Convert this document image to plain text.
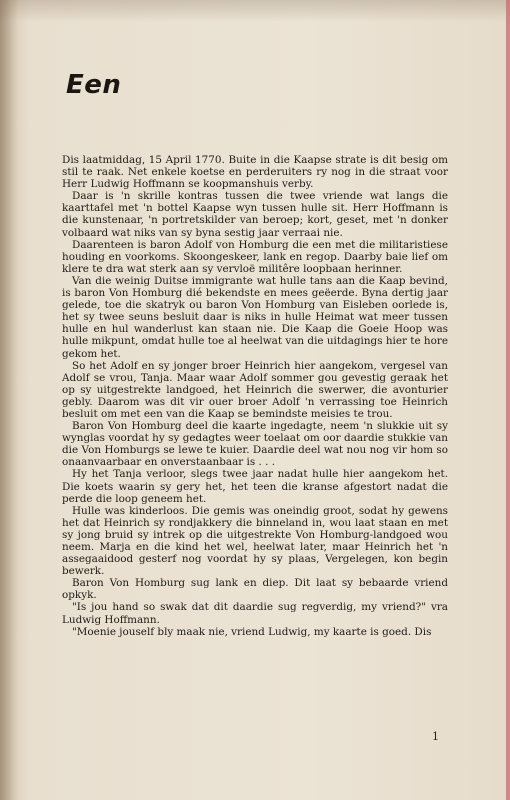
Een

Dis laatmiddag, 15 April 1770. Buite in die Kaapse strate is dit besig om stil te raak. Net enkele koetse en perderuiters ry nog in die straat voor Herr Ludwig Hoffmann se koopmanshuis verby.

Daar is 'n skrille kontras tussen die twee vriende wat langs die kaarttafel met 'n bottel Kaapse wyn tussen hulle sit. Herr Hoffmann is die kunstenaar, 'n portretskilder van beroep; kort, geset, met 'n donker volbaard wat niks van sy byna sestig jaar verraai nie.

Daarenteen is baron Adolf von Homburg die een met die militaristiese houding en voorkoms. Skoongeskeer, lank en regop. Daarby baie lief om klere te dra wat sterk aan sy vervloë militêre loopbaan herinner.

Van die weinig Duitse immigrante wat hulle tans aan die Kaap bevind, is baron Von Homburg dié bekendste en mees geëerde. Byna dertig jaar gelede, toe die skatryk ou baron Von Homburg van Eisleben oorlede is, het sy twee seuns besluit daar is niks in hulle Heimat wat meer tussen hulle en hul wanderlust kan staan nie. Die Kaap die Goeie Hoop was hulle mikpunt, omdat hulle toe al heelwat van die uitdagings hier te hore gekom het.

So het Adolf en sy jonger broer Heinrich hier aangekom, vergesel van Adolf se vrou, Tanja. Maar waar Adolf sommer gou gevestig geraak het op sy uitgestrekte landgoed, het Heinrich die swerwer, die avonturier gebly. Daarom was dit vir ouer broer Adolf 'n verrassing toe Heinrich besluit om met een van die Kaap se bemindste meisies te trou.

Baron Von Homburg deel die kaarte ingedagte, neem 'n slukkie uit sy wynglas voordat hy sy gedagtes weer toelaat om oor daardie stukkie van die Von Homburgs se lewe te kuier. Daardie deel wat nou nog vir hom so onaanvaarbaar en onverstaanbaar is . . .

Hy het Tanja verloor, slegs twee jaar nadat hulle hier aangekom het. Die koets waarin sy gery het, het teen die kranse afgestort nadat die perde die loop geneem het.

Hulle was kinderloos. Die gemis was oneindig groot, sodat hy gewens het dat Heinrich sy rondjakkery die binneland in, wou laat staan en met sy jong bruid sy intrek op die uitgestrekte Von Homburg-landgoed wou neem. Marja en die kind het wel, heelwat later, maar Heinrich het 'n assegaaidood gesterf nog voordat hy sy plaas, Vergelegen, kon begin bewerk.

Baron Von Homburg sug lank en diep. Dit laat sy bebaarde vriend opkyk.

"Is jou hand so swak dat dit daardie sug regverdig, my vriend?" vra Ludwig Hoffmann.

"Moenie jouself bly maak nie, vriend Ludwig, my kaarte is goed. Dis

1
